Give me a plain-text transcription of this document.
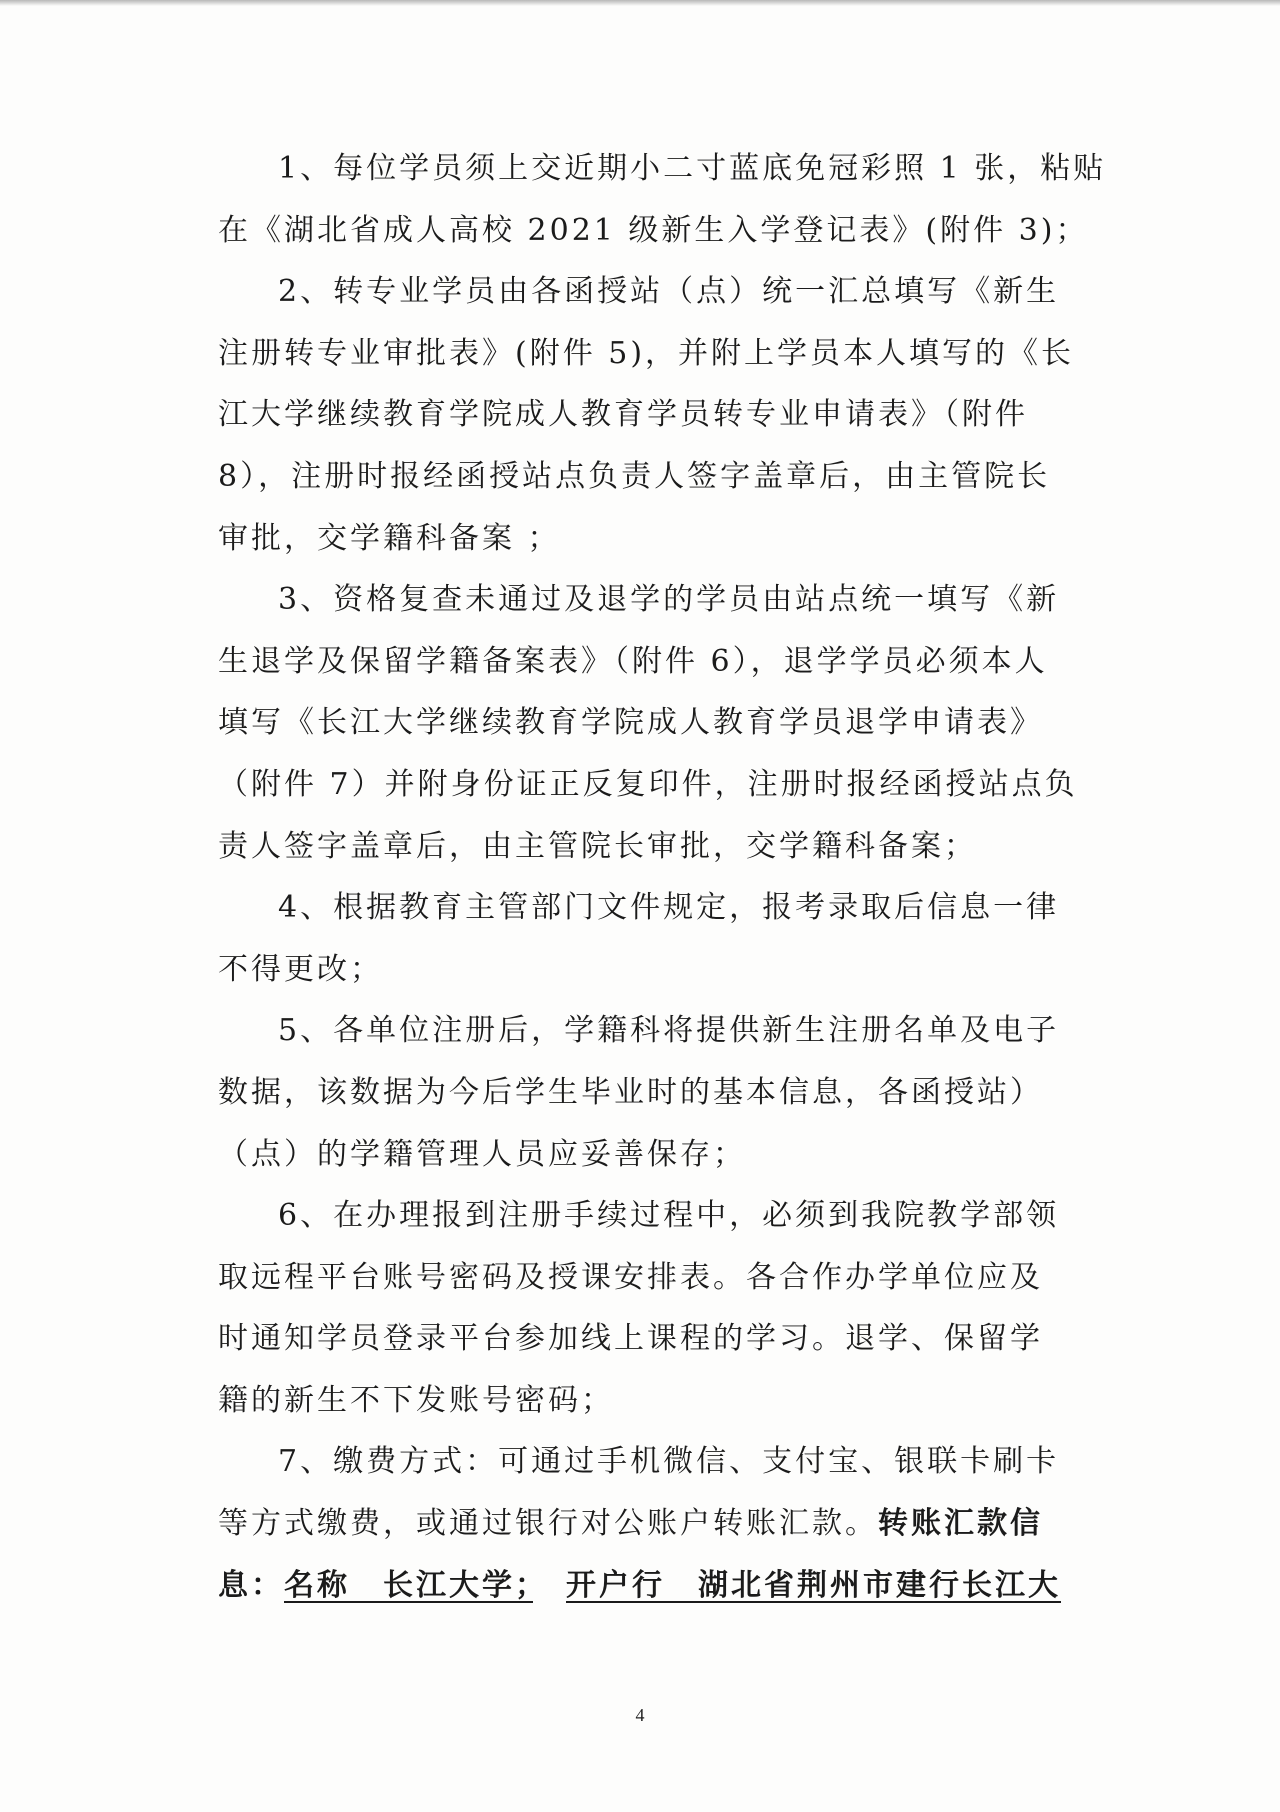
1、每位学员须上交近期小二寸蓝底免冠彩照 1 张，粘贴
在《湖北省成人高校 2021 级新生入学登记表》(附件 3)；

2、转专业学员由各函授站（点）统一汇总填写《新生
注册转专业审批表》(附件 5)，并附上学员本人填写的《长
江大学继续教育学院成人教育学员转专业申请表》（附件
8），注册时报经函授站点负责人签字盖章后，由主管院长
审批，交学籍科备案 ；

3、资格复查未通过及退学的学员由站点统一填写《新
生退学及保留学籍备案表》（附件 6），退学学员必须本人
填写《长江大学继续教育学院成人教育学员退学申请表》
（附件 7）并附身份证正反复印件，注册时报经函授站点负
责人签字盖章后，由主管院长审批，交学籍科备案；

4、根据教育主管部门文件规定，报考录取后信息一律
不得更改；

5、各单位注册后，学籍科将提供新生注册名单及电子
数据，该数据为今后学生毕业时的基本信息，各函授站）
（点）的学籍管理人员应妥善保存；

6、在办理报到注册手续过程中，必须到我院教学部领
取远程平台账号密码及授课安排表。各合作办学单位应及
时通知学员登录平台参加线上课程的学习。退学、保留学
籍的新生不下发账号密码；

7、缴费方式：可通过手机微信、支付宝、银联卡刷卡
等方式缴费，或通过银行对公账户转账汇款。转账汇款信
息：名称　长江大学；　 开户行　湖北省荆州市建行长江大

4
